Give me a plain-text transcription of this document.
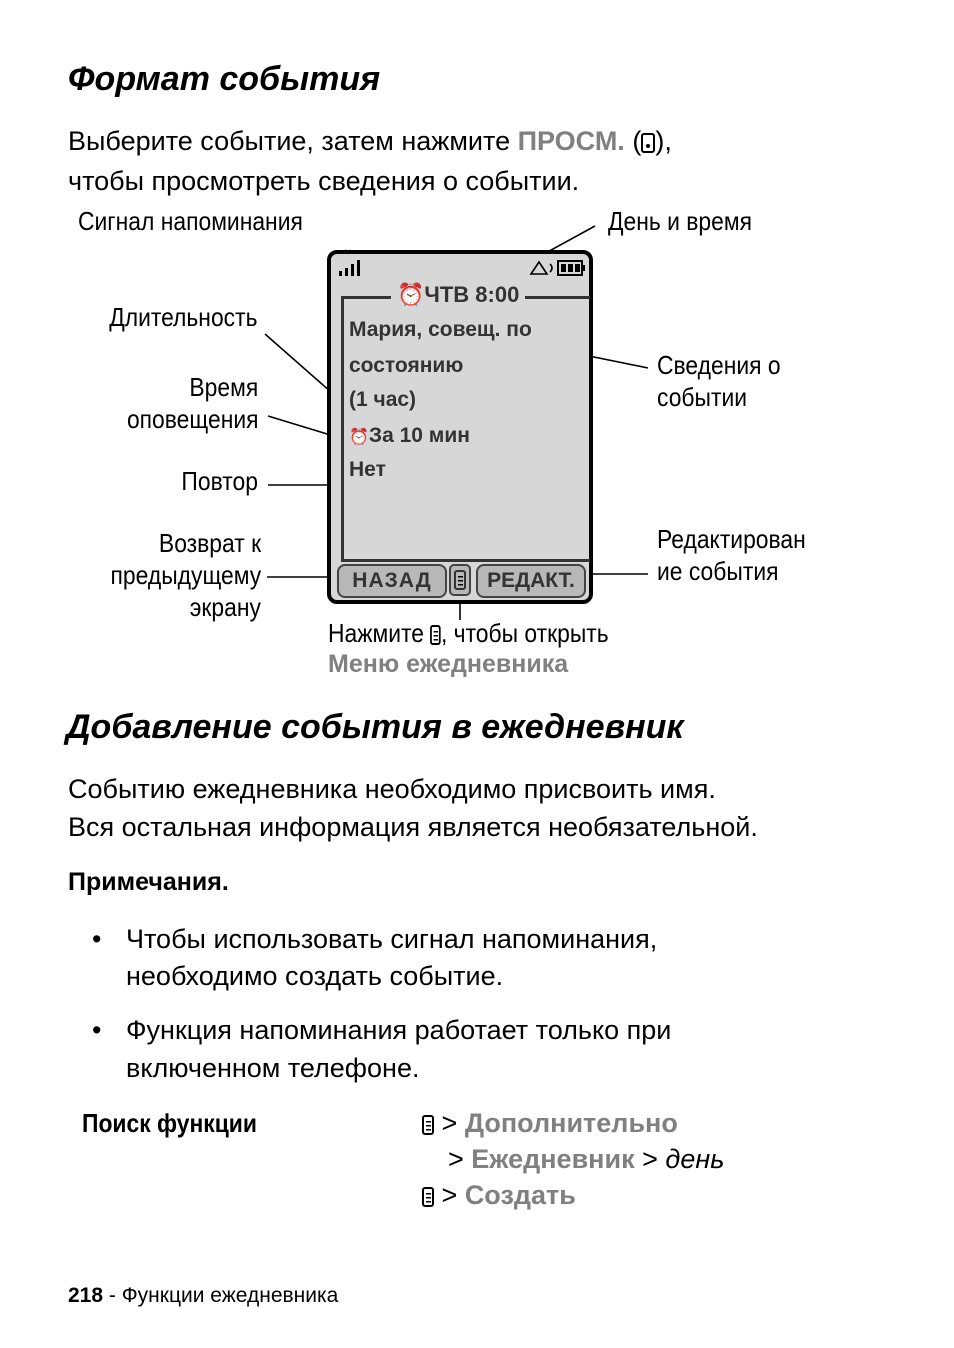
Формат события
Выберите событие, затем нажмите ПРОСМ. ( ),
чтобы просмотреть сведения о событии.
Сигнал напоминания	День и время
Длительность
Время
оповещения
Сведения о
событии
Повтор
Возврат к
предыдущему
экрану
Редактирован
ие события
Нажмите , чтобы открыть
Меню ежедневника
⏰ЧТВ 8:00
Мария, совещ. по
состоянию
(1 час)
⏰За 10 мин
Нет
НАЗАД	РЕДАКТ.
Добавление события в ежедневник
Событию ежедневника необходимо присвоить имя.
Вся остальная информация является необязательной.
Примечания.
• Чтобы использовать сигнал напоминания,
необходимо создать событие.
• Функция напоминания работает только при
включенном телефоне.
Поиск функции	> Дополнительно
> Ежедневник > день
> Создать
218 - Функции ежедневника
